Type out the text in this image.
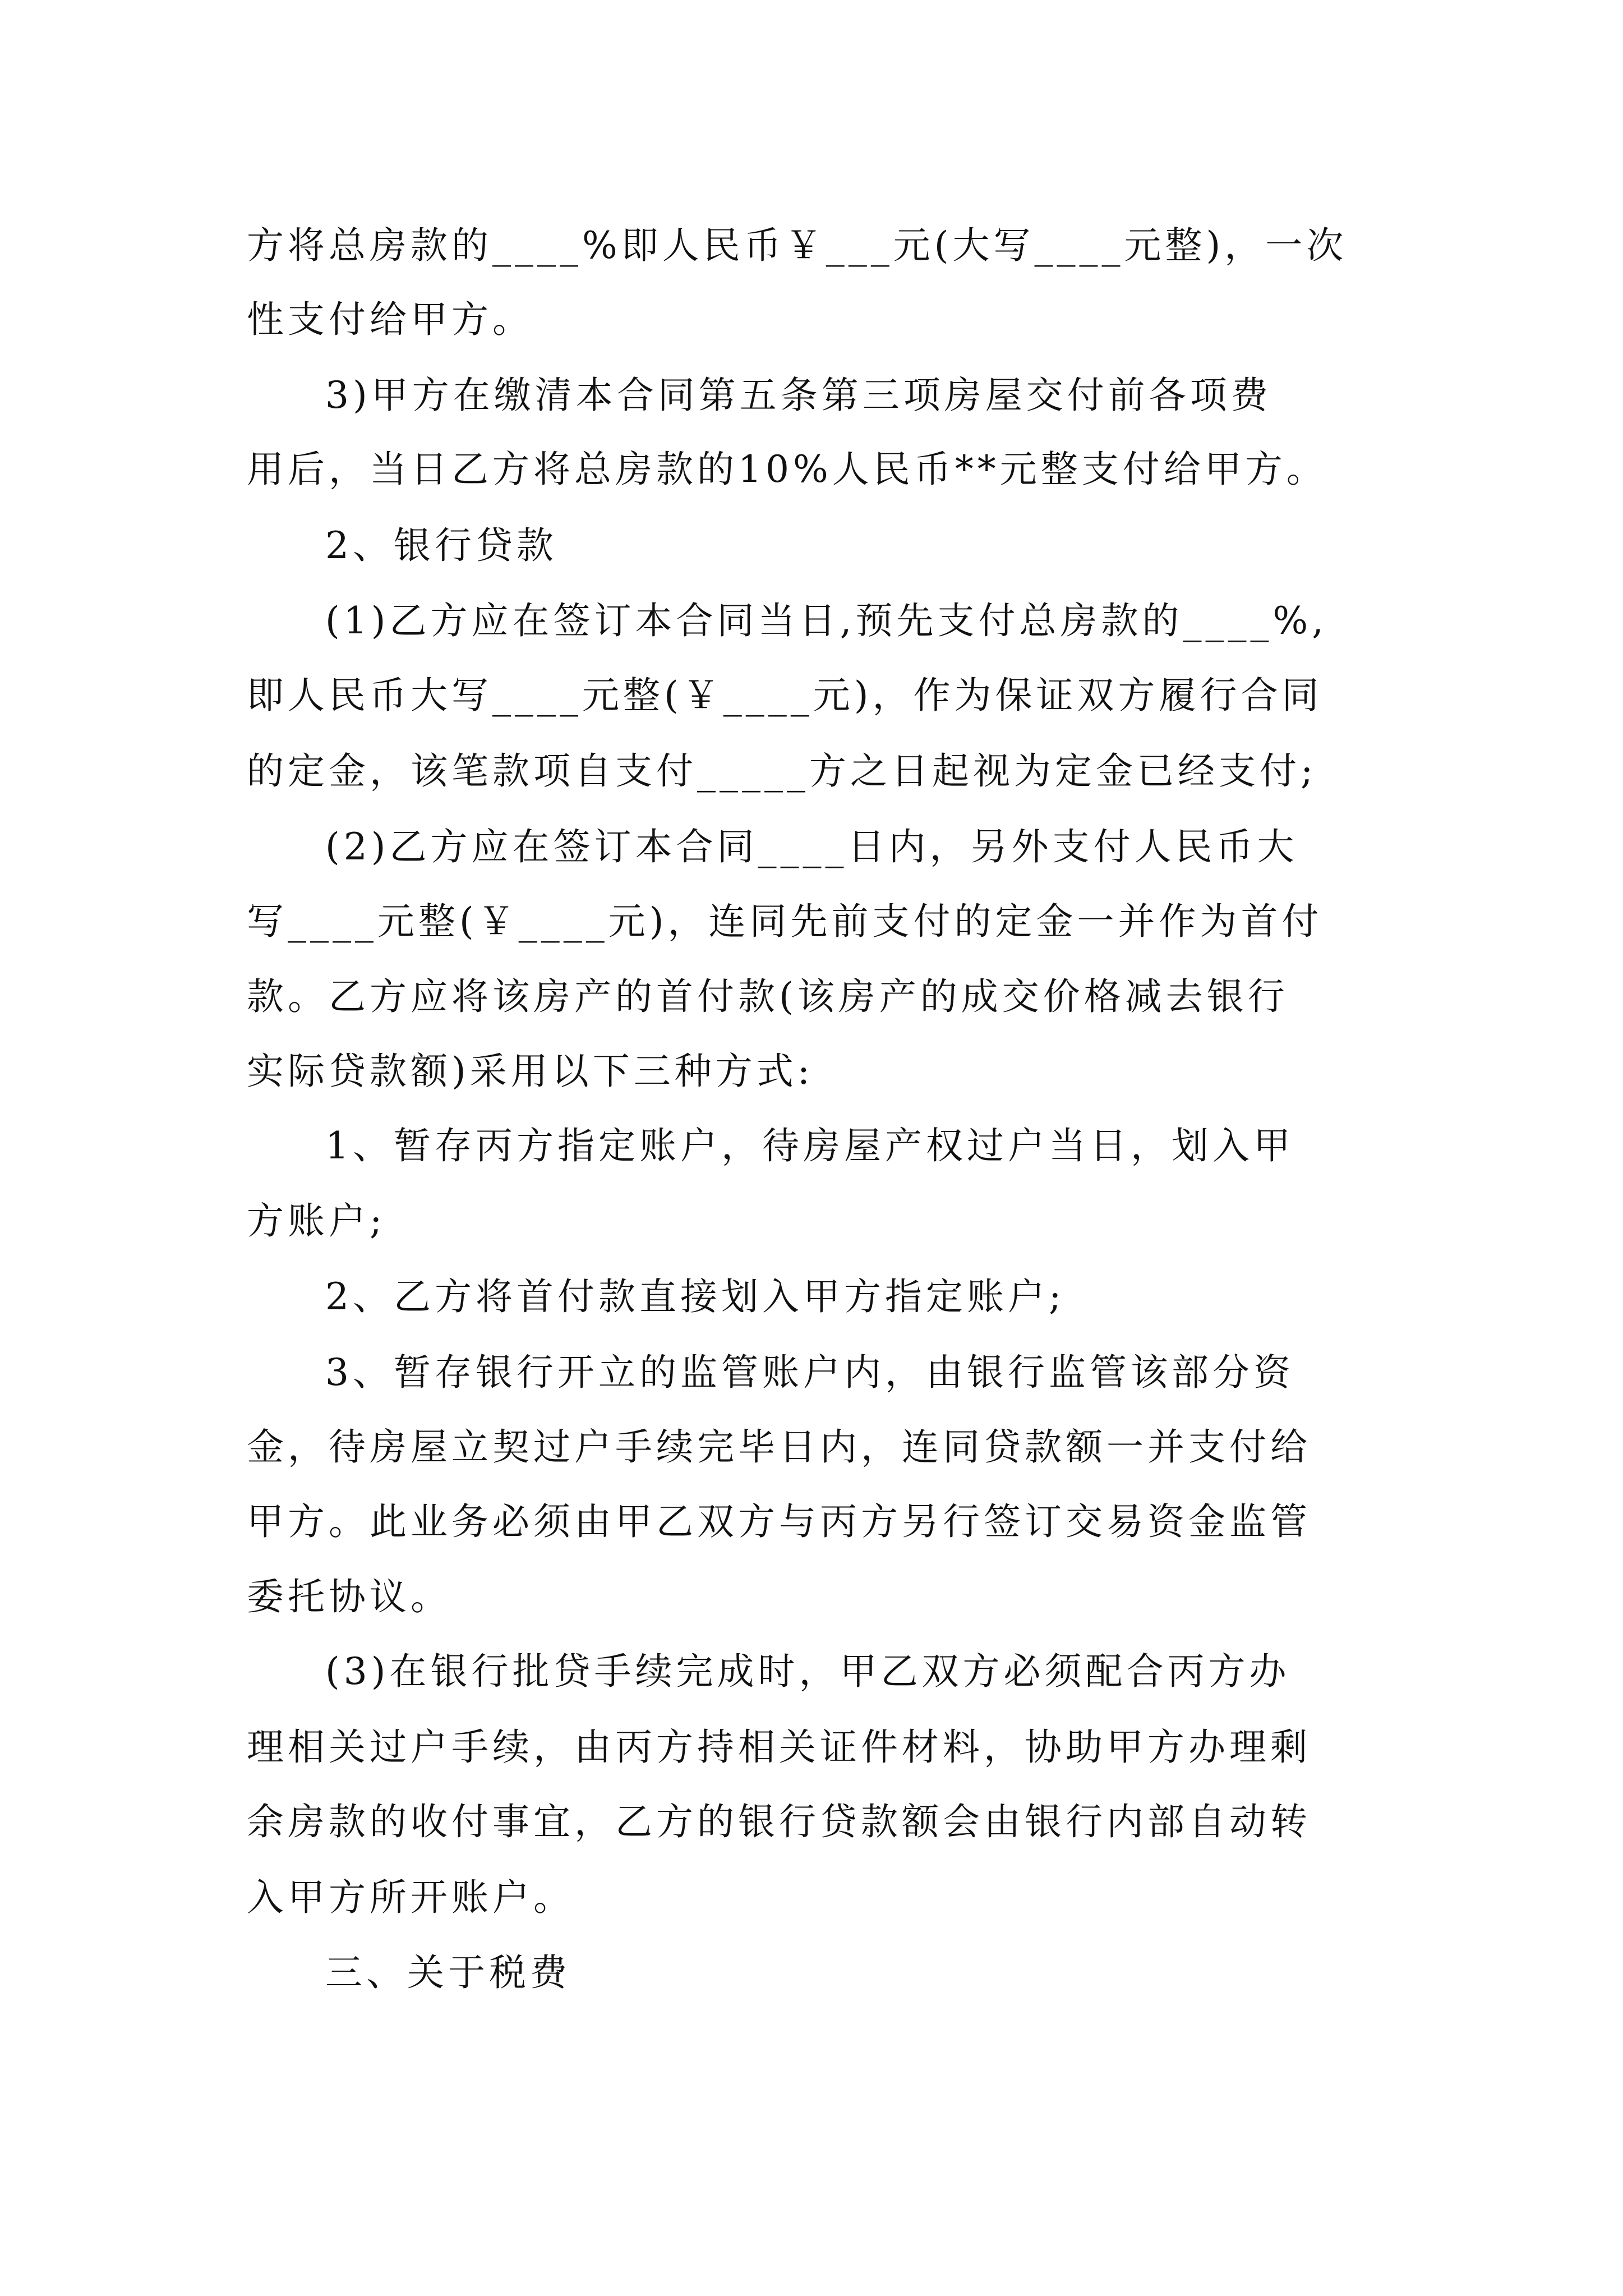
方将总房款的____%即人民币￥___元(大写____元整)，一次
性支付给甲方。
3)甲方在缴清本合同第五条第三项房屋交付前各项费
用后，当日乙方将总房款的10%人民币**元整支付给甲方。
2、银行贷款
(1)乙方应在签订本合同当日,预先支付总房款的____%,
即人民币大写____元整(￥____元)，作为保证双方履行合同
的定金，该笔款项自支付_____方之日起视为定金已经支付;
(2)乙方应在签订本合同____日内，另外支付人民币大
写____元整(￥____元)，连同先前支付的定金一并作为首付
款。乙方应将该房产的首付款(该房产的成交价格减去银行
实际贷款额)采用以下三种方式:
1、暂存丙方指定账户，待房屋产权过户当日，划入甲
方账户;
2、乙方将首付款直接划入甲方指定账户;
3、暂存银行开立的监管账户内，由银行监管该部分资
金，待房屋立契过户手续完毕日内，连同贷款额一并支付给
甲方。此业务必须由甲乙双方与丙方另行签订交易资金监管
委托协议。
(3)在银行批贷手续完成时，甲乙双方必须配合丙方办
理相关过户手续，由丙方持相关证件材料，协助甲方办理剩
余房款的收付事宜，乙方的银行贷款额会由银行内部自动转
入甲方所开账户。
三、关于税费
